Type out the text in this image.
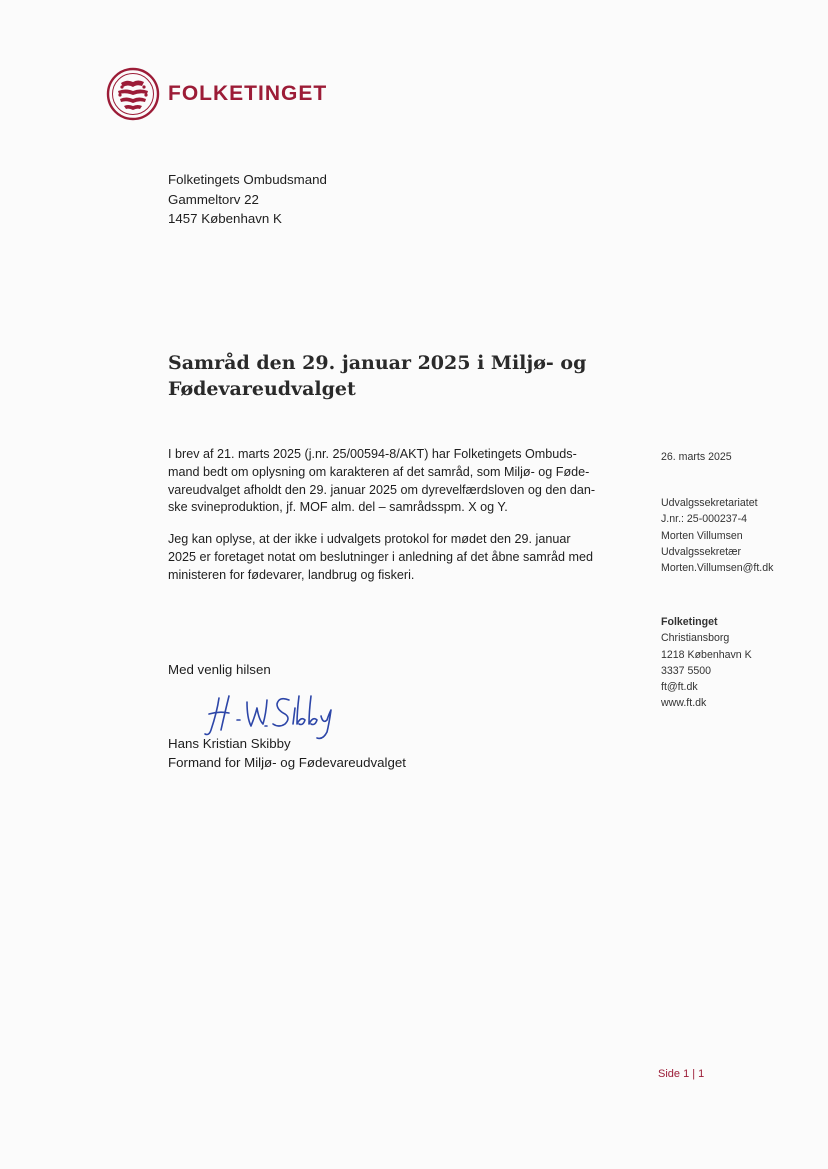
FOLKETINGET
Folketingets Ombudsmand
Gammeltorv 22
1457 København K
Samråd den 29. januar 2025 i Miljø- og
Fødevareudvalget

I brev af 21. marts 2025 (j.nr. 25/00594-8/AKT) har Folketingets Ombuds-
mand bedt om oplysning om karakteren af det samråd, som Miljø- og Føde-
vareudvalget afholdt den 29. januar 2025 om dyrevelfærdsloven og den dan-
ske svineproduktion, jf. MOF alm. del – samrådsspm. X og Y.

Jeg kan oplyse, at der ikke i udvalgets protokol for mødet den 29. januar
2025 er foretaget notat om beslutninger i anledning af det åbne samråd med
ministeren for fødevarer, landbrug og fiskeri.

26. marts 2025
Udvalgssekretariatet
J.nr.: 25-000237-4
Morten Villumsen
Udvalgssekretær
Morten.Villumsen@ft.dk
Folketinget
Christiansborg
1218 København K
3337 5500
ft@ft.dk
www.ft.dk
Med venlig hilsen
Hans Kristian Skibby
Formand for Miljø- og Fødevareudvalget
Side 1 | 1
